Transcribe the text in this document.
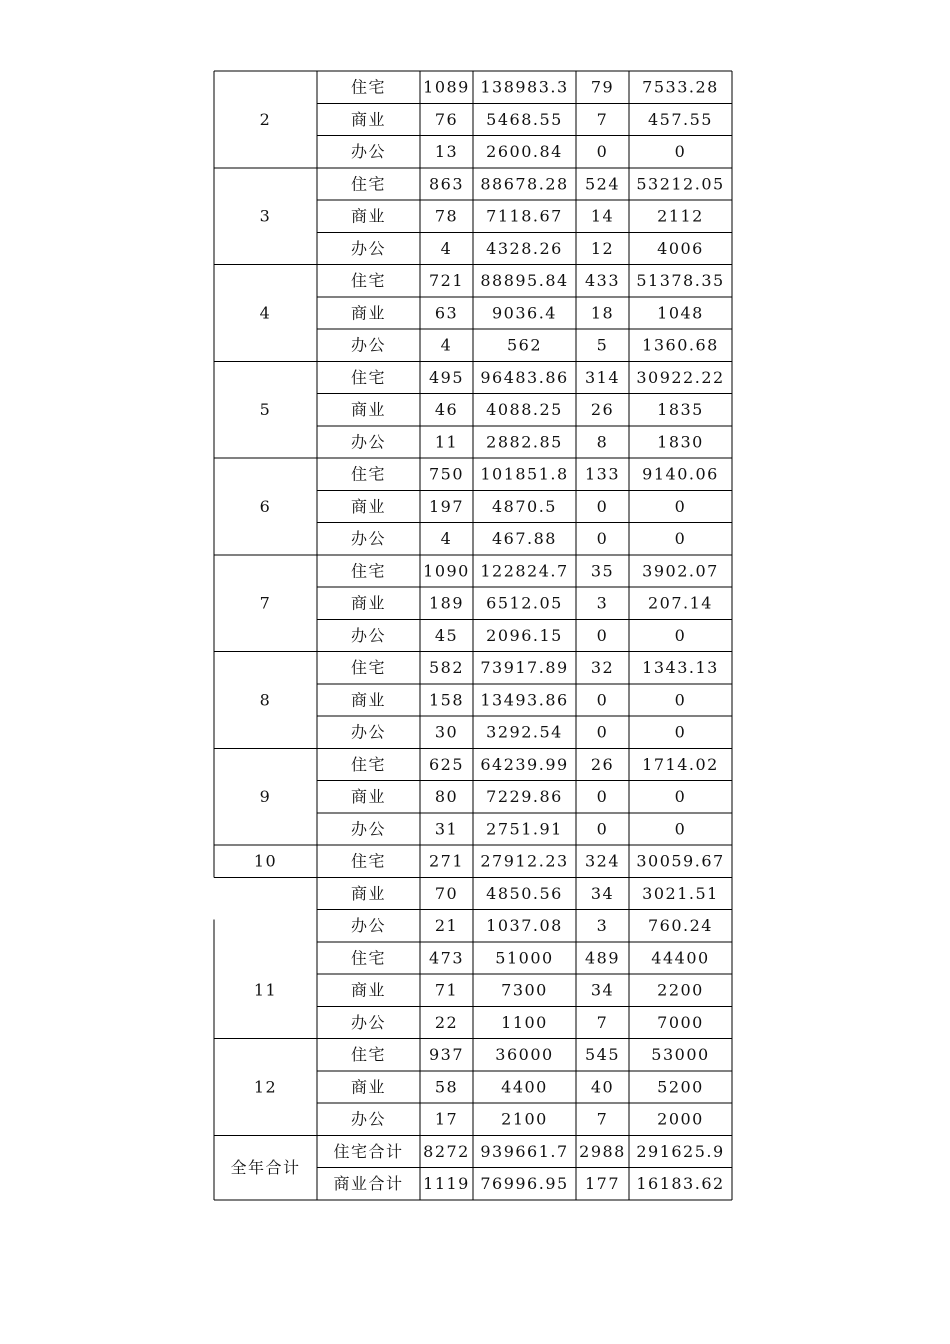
2
住宅 1089 138983.3 79 7533.28
商业	76 5468.55 7 457.55
办公	13 2600.84 0	0
3
住宅	863 88678.28 524 53212.05
商业	78 7118.67 14	2112
办公	4 4328.26 12	4006
4
住宅	721 88895.84 433 51378.35
商业	63 9036.4 18	1048
办公	4	562	5 1360.68
5
住宅	495 96483.86 314 30922.22
商业	46 4088.25 26	1835
办公	11 2882.85 8	1830
6
住宅	750 101851.8 133 9140.06
商业	197 4870.5 0	0
办公	4 467.88 0	0
7
住宅 1090 122824.7 35 3902.07
商业	189 6512.05 3 207.14
办公	45 2096.15 0	0
8
住宅	582 73917.89 32 1343.13
商业	158 13493.86 0	0
办公	30 3292.54 0	0
9
住宅	625 64239.99 26 1714.02
商业	80 7229.86 0	0
办公	31 2751.91 0	0
10	住宅	271 27912.23 324 30059.67
商业	70 4850.56 34 3021.51
办公	21 1037.08 3 760.24
11
住宅	473 51000 489 44400
商业	71	7300	34	2200
办公	22	1100	7	7000
12
住宅	937 36000 545 53000
商业	58	4400	40	5200
办公	17	2100	7	2000
全年合计
住宅合计 8272 939661.7 2988 291625.9
商业合计 1119 76996.95 177 16183.62
